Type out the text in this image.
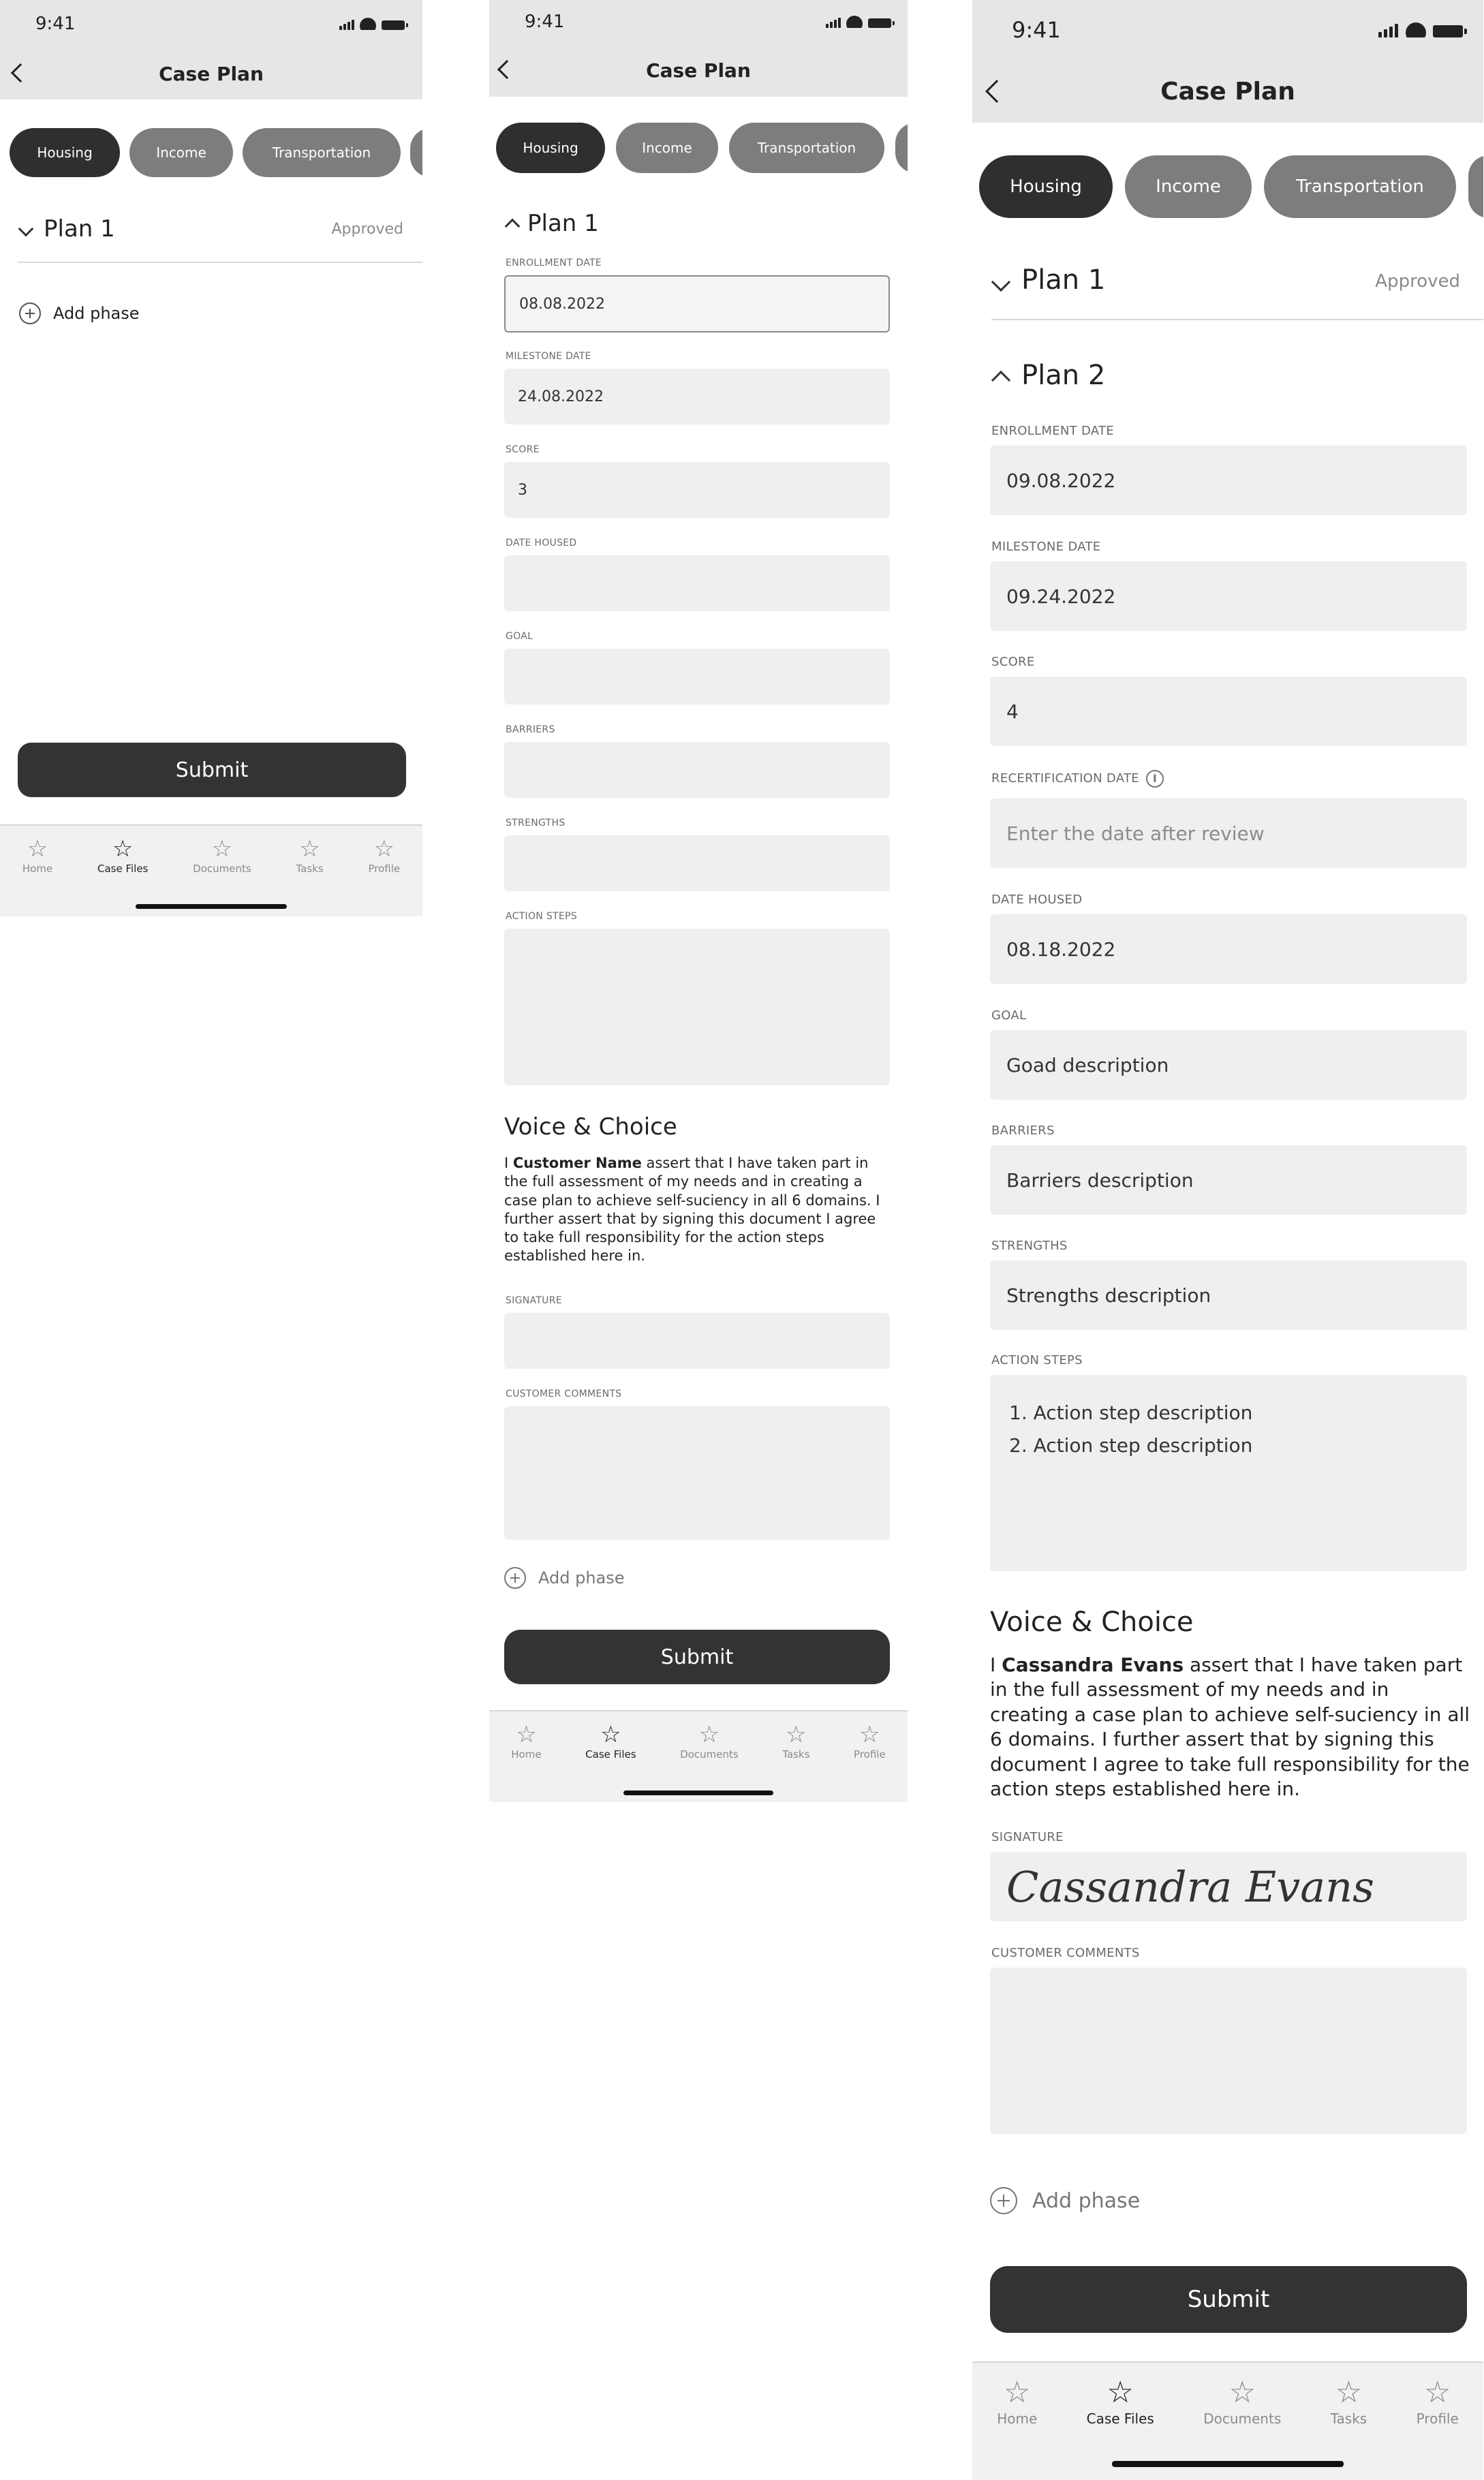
9:41
Case Plan
Housing	Income	Transportation
Plan 1	Approved
Add phase
Submit
☆
Home
☆
Case Files
☆
Documents
☆
Tasks
☆
Profile
9:41
Case Plan
Housing	Income	Transportation
Plan 1
ENROLLMENT DATE
08.08.2022
MILESTONE DATE
24.08.2022
SCORE
3
DATE HOUSED
GOAL
BARRIERS
STRENGTHS
ACTION STEPS
Voice & Choice
I Customer Name assert that I have taken part in the full assessment of my needs and in creating a case plan to achieve self-suciency in all 6 domains. I further assert that by signing this document I agree to take full responsibility for the action steps established here in.
SIGNATURE
CUSTOMER COMMENTS
Add phase
Submit
☆
Home
☆
Case Files
☆
Documents
☆
Tasks
☆
Profile
9:41
Case Plan
Housing	Income	Transportation
Plan 1	Approved
Plan 2
ENROLLMENT DATE
09.08.2022
MILESTONE DATE
09.24.2022
SCORE
4
RECERTIFICATION DATE I
Enter the date after review
DATE HOUSED
08.18.2022
GOAL
Goad description
BARRIERS
Barriers description
STRENGTHS
Strengths description
ACTION STEPS
1. Action step description
2. Action step description
Voice & Choice
I Cassandra Evans assert that I have taken part in the full assessment of my needs and in creating a case plan to achieve self-suciency in all 6 domains. I further assert that by signing this document I agree to take full responsibility for the action steps established here in.
SIGNATURE
Cassandra Evans
CUSTOMER COMMENTS
Add phase
Submit
☆
Home
☆
Case Files
☆
Documents
☆
Tasks
☆
Profile
